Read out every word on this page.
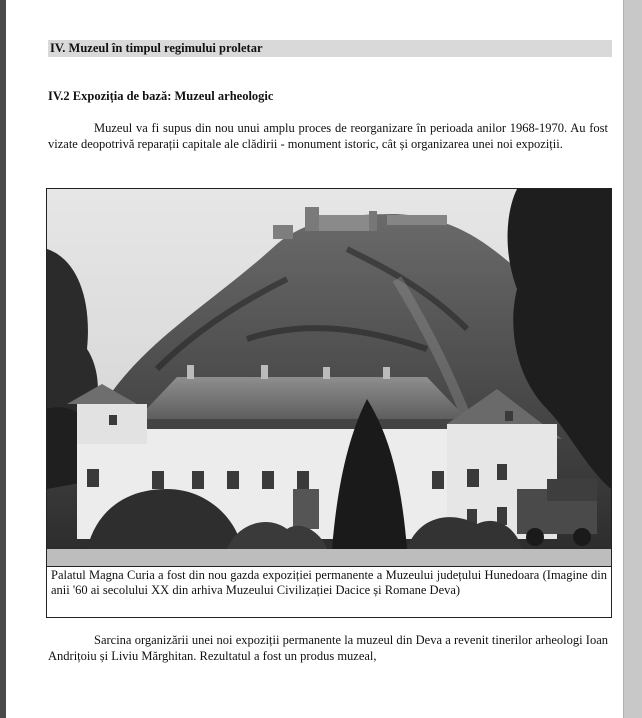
IV. Muzeul în timpul regimului proletar
IV.2 Expoziția de bază: Muzeul arheologic
Muzeul va fi supus din nou unui amplu proces de reorganizare în perioada anilor 1968-1970. Au fost vizate deopotrivă reparații capitale ale clădirii - monument istoric, cât și organizarea unei noi expoziții.
Palatul Magna Curia a fost din nou gazda expoziției permanente a Muzeului județului Hunedoara (Imagine din anii '60 ai secolului XX din arhiva Muzeului Civilizației Dacice și Romane Deva)
Sarcina organizării unei noi expoziții permanente la muzeul din Deva a revenit tinerilor arheologi Ioan Andrițoiu și Liviu Mărghitan. Rezultatul a fost un produs muzeal,
